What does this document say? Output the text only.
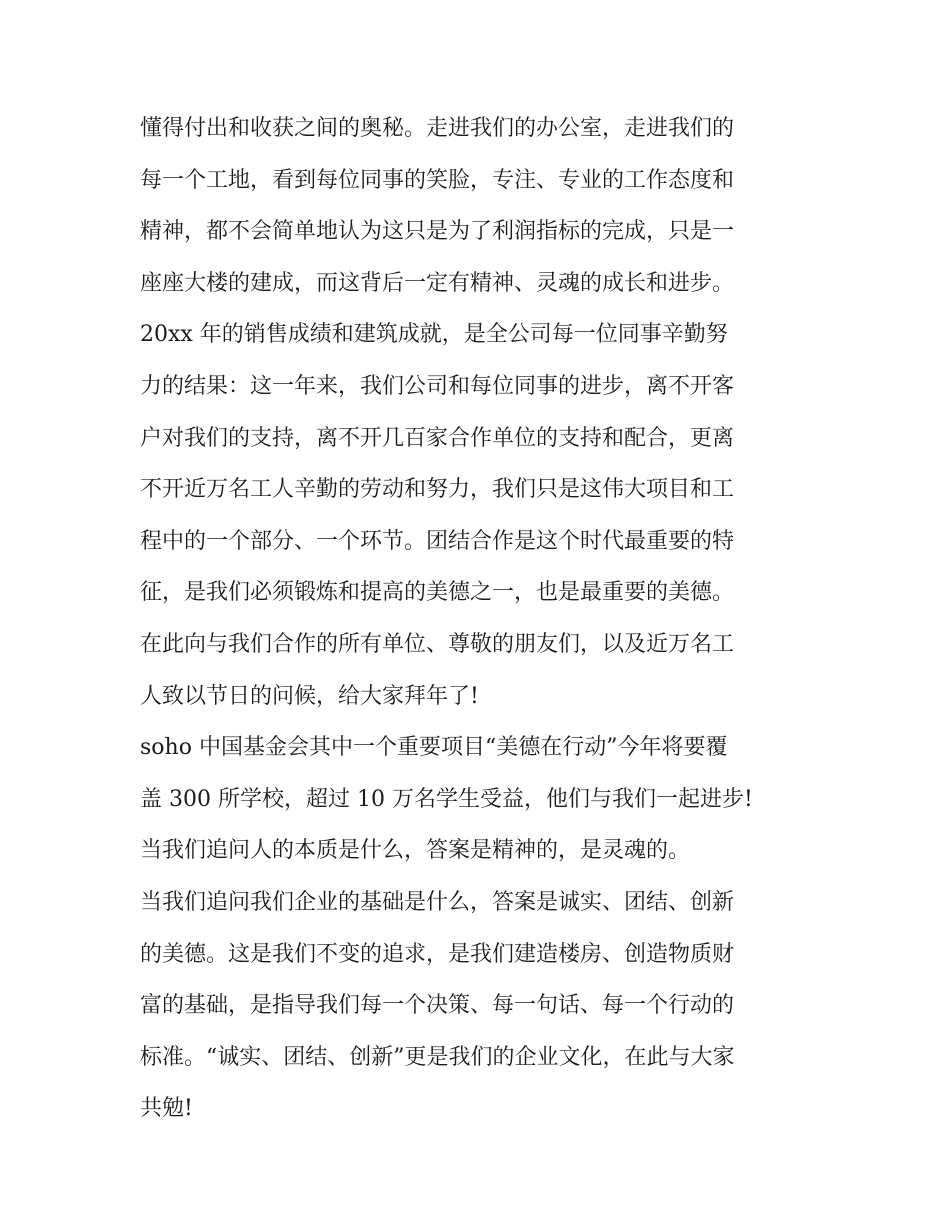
懂得付出和收获之间的奥秘。走进我们的办公室，走进我们的
每一个工地，看到每位同事的笑脸，专注、专业的工作态度和
精神，都不会简单地认为这只是为了利润指标的完成，只是一
座座大楼的建成，而这背后一定有精神、灵魂的成长和进步。
20xx 年的销售成绩和建筑成就，是全公司每一位同事辛勤努
力的结果：这一年来，我们公司和每位同事的进步，离不开客
户对我们的支持，离不开几百家合作单位的支持和配合，更离
不开近万名工人辛勤的劳动和努力，我们只是这伟大项目和工
程中的一个部分、一个环节。团结合作是这个时代最重要的特
征，是我们必须锻炼和提高的美德之一，也是最重要的美德。
在此向与我们合作的所有单位、尊敬的朋友们，以及近万名工
人致以节日的问候，给大家拜年了!
soho 中国基金会其中一个重要项目“美德在行动”今年将要覆
盖 300 所学校，超过 10 万名学生受益，他们与我们一起进步!
当我们追问人的本质是什么，答案是精神的，是灵魂的。
当我们追问我们企业的基础是什么，答案是诚实、团结、创新
的美德。这是我们不变的追求，是我们建造楼房、创造物质财
富的基础，是指导我们每一个决策、每一句话、每一个行动的
标准。“诚实、团结、创新”更是我们的企业文化，在此与大家
共勉!
